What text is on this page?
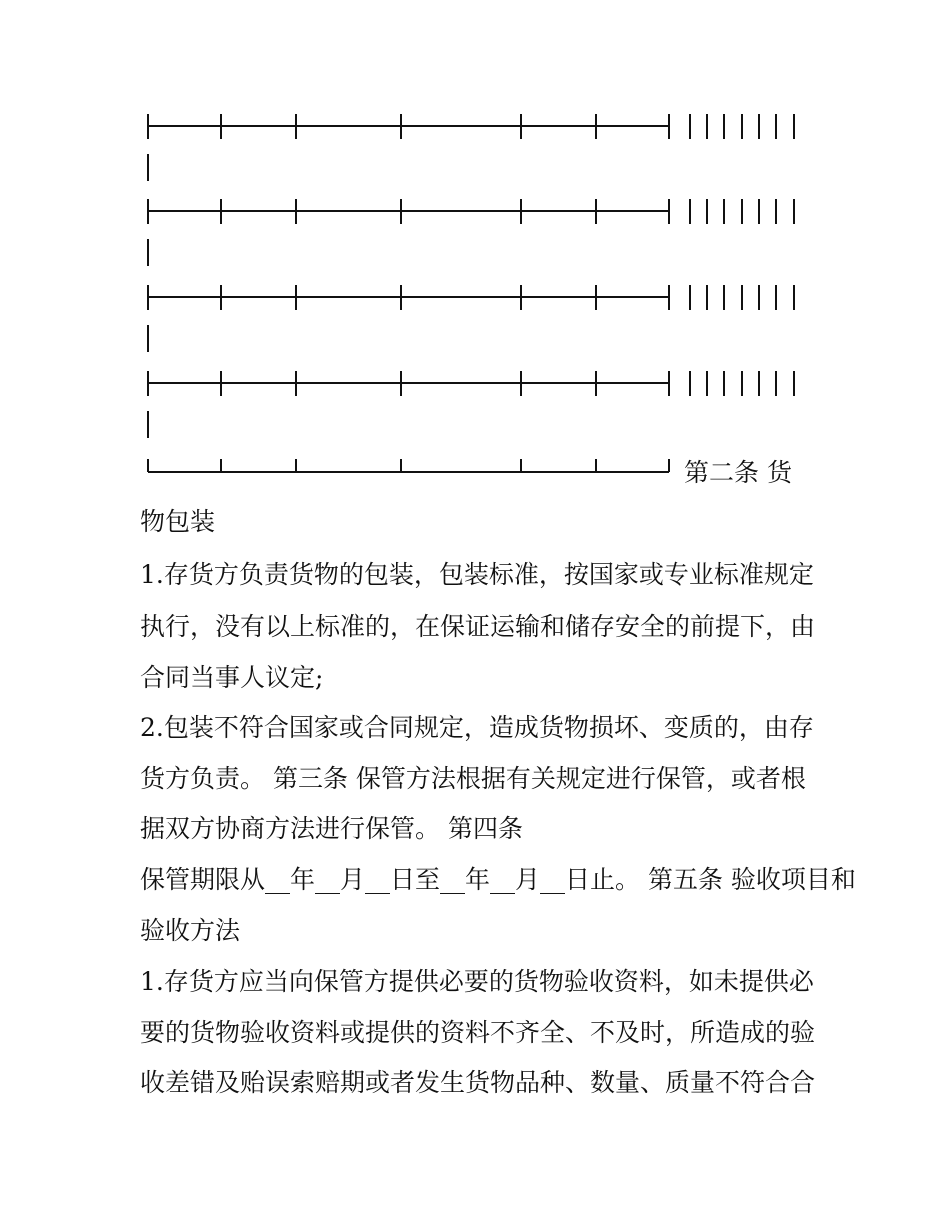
第二条 货
物包装
1.存货方负责货物的包装，包装标准，按国家或专业标准规定
执行，没有以上标准的，在保证运输和储存安全的前提下，由
合同当事人议定;
2.包装不符合国家或合同规定，造成货物损坏、变质的，由存
货方负责。 第三条 保管方法根据有关规定进行保管，或者根
据双方协商方法进行保管。 第四条
保管期限从__年__月__日至__年__月__日止。 第五条 验收项目和
验收方法
1.存货方应当向保管方提供必要的货物验收资料，如未提供必
要的货物验收资料或提供的资料不齐全、不及时，所造成的验
收差错及贻误索赔期或者发生货物品种、数量、质量不符合合
